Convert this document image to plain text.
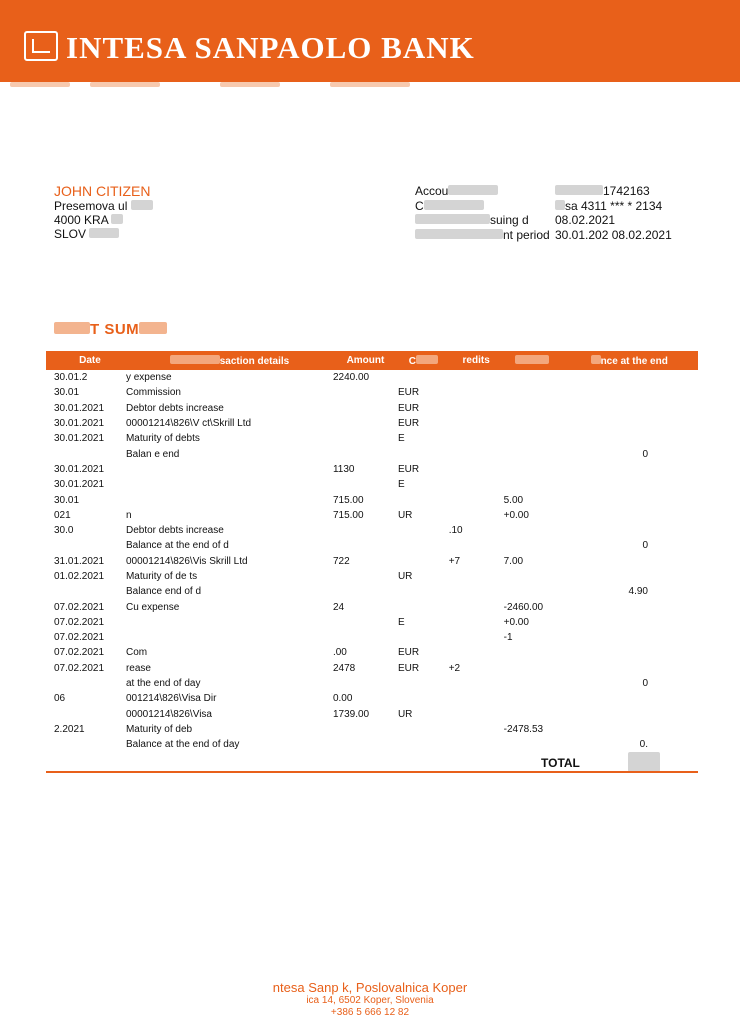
INTESA SANPAOLO BANK
JOHN CITIZEN
Presemova ul
4000 KRA
SLOV
Accou	1742163
C	sa 4311 *** * 2134
suing d	08.02.2021
nt period 30.01.202 08.02.2021
T SUM
Date	saction details	Amount	C	redits		nce at the end
30.01.2	y expense	2240.00				
30.01	Commission		EUR			
30.01.2021	Debtor debts increase		EUR			
30.01.2021	00001214\826\V ct\Skrill Ltd		EUR			
30.01.2021	Maturity of debts		E			
	Balan e end					0
30.01.2021		1130	EUR			
30.01.2021			E			
30.01		715.00			5.00	
021	n	715.00	UR		+0.00	
30.0	Debtor debts increase			.10		
	Balance at the end of d					0
31.01.2021	00001214\826\Vis Skrill Ltd	722		+7	7.00	
01.02.2021	Maturity of de ts		UR			
	Balance end of d					4.90
07.02.2021	Cu expense	24			-2460.00	
07.02.2021			E		+0.00	
07.02.2021					-1	
07.02.2021	Com	.00	EUR			
07.02.2021	rease	2478	EUR	+2		
	at the end of day					0
06	001214\826\Visa Dir	0.00				
	00001214\826\Visa	1739.00	UR			
2.2021	Maturity of deb				-2478.53	
	Balance at the end of day					0.
TOTAL
ntesa Sanp k, Poslovalnica Koper
ica 14, 6502 Koper, Slovenia
+386 5 666 12 82
